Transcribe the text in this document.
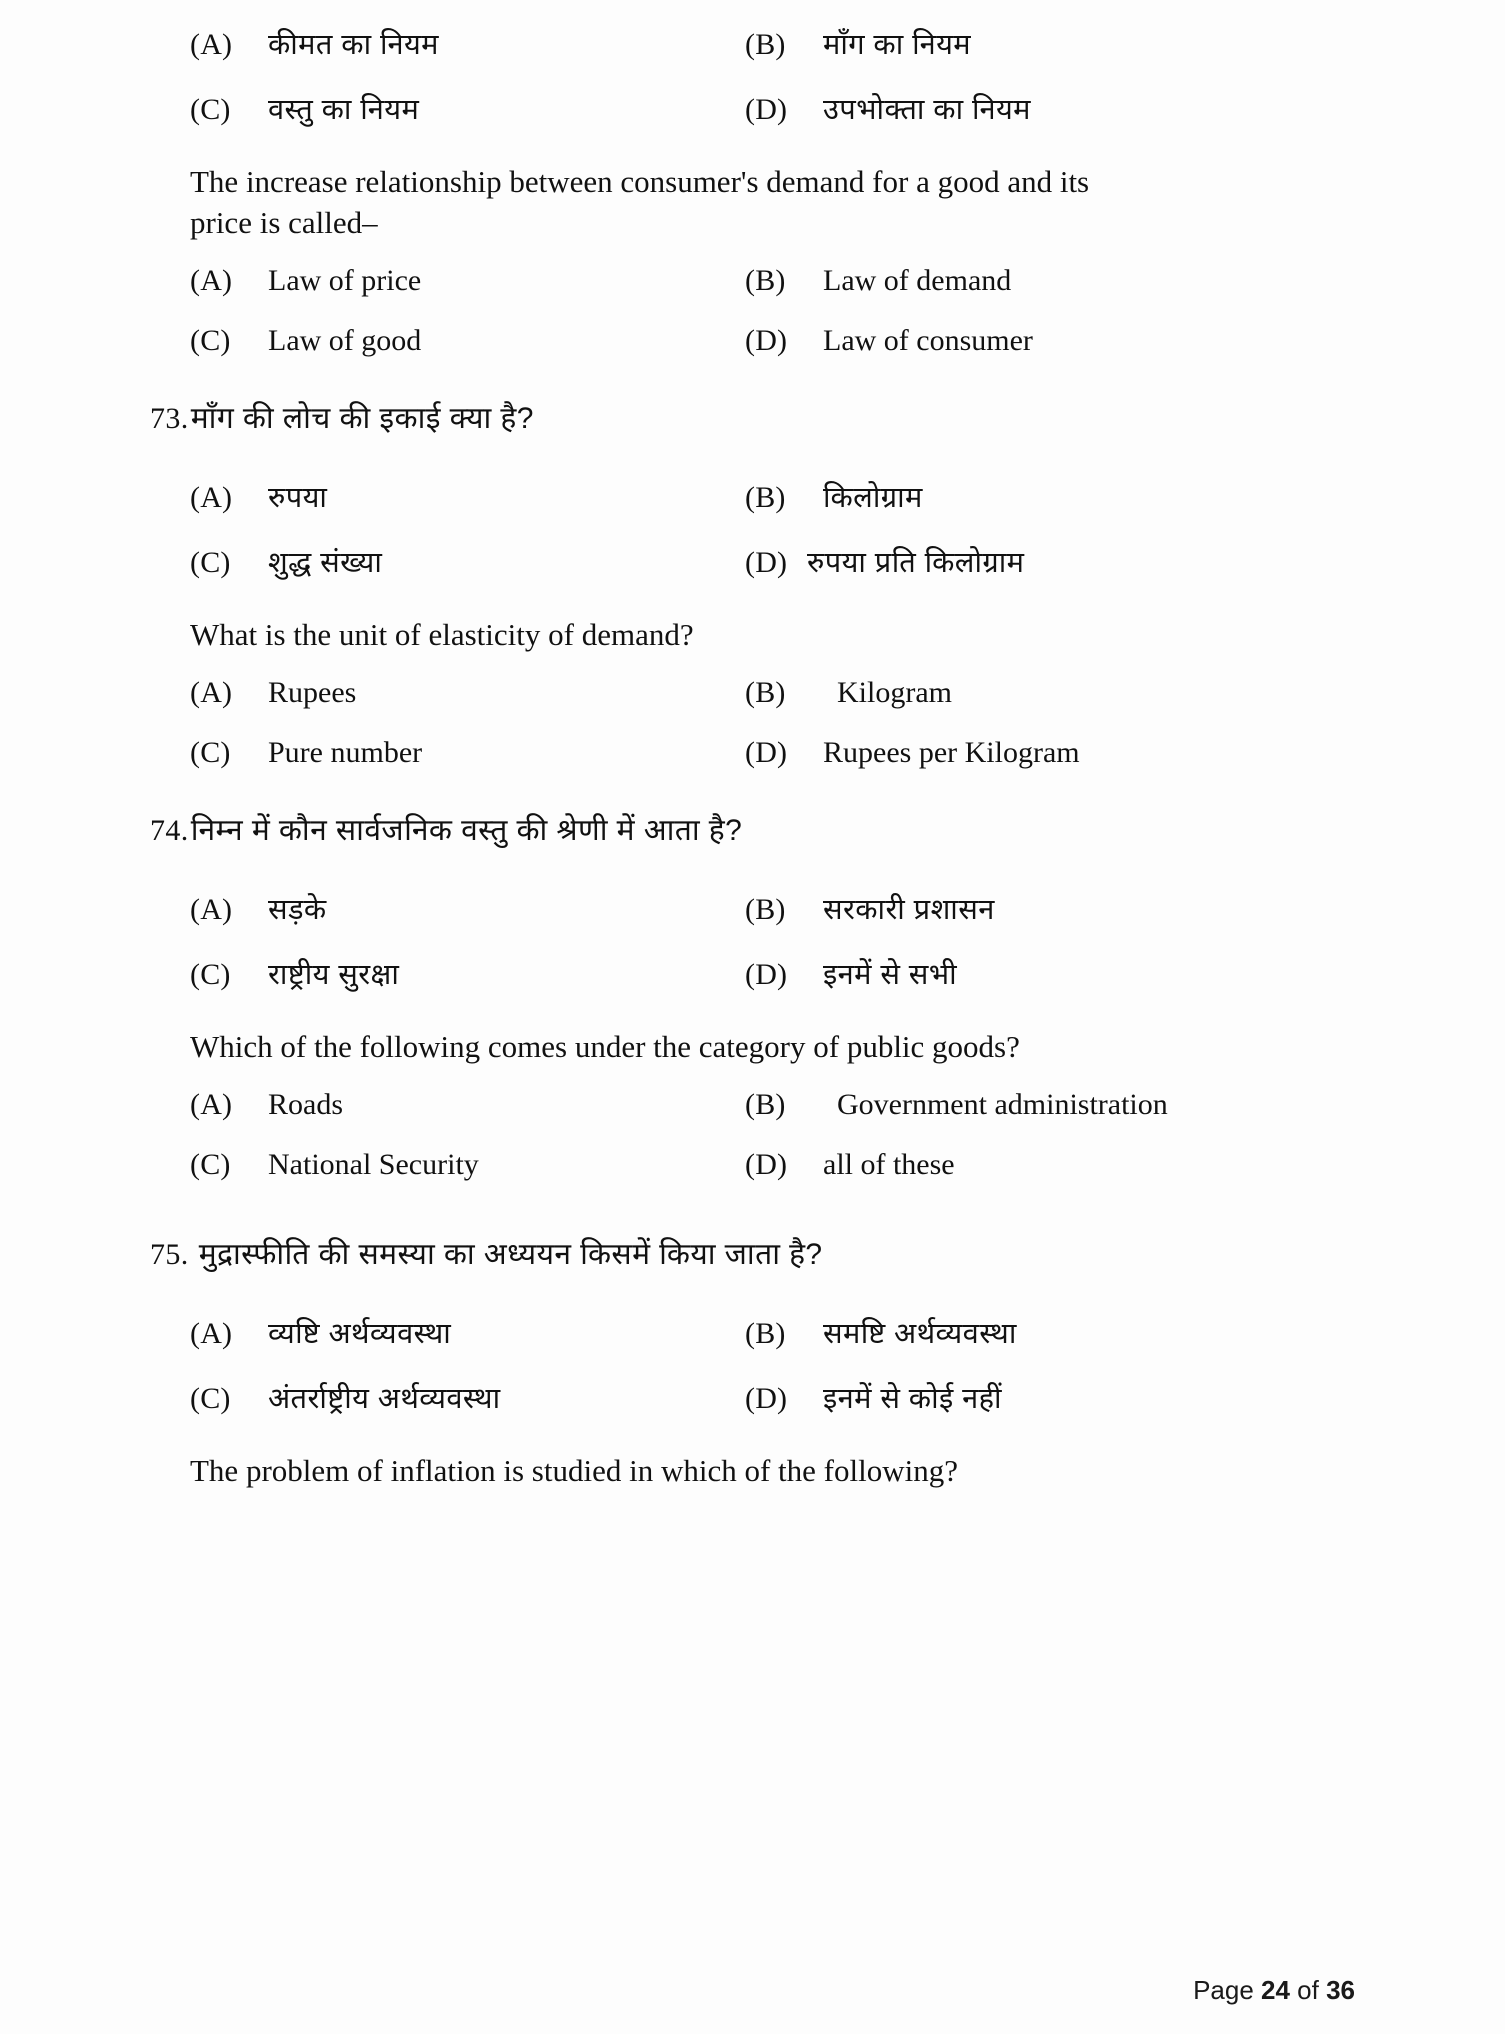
(A)	कीमत का नियम	(B)	माँग का नियम
(C)	वस्तु का नियम	(D)	उपभोक्ता का नियम
The increase relationship between consumer's demand for a good and its
price is called–
(A)	Law of price	(B)	Law of demand
(C)	Law of good	(D)	Law of consumer
73. माँग की लोच की इकाई क्या है?
(A)	रुपया	(B)	किलोग्राम
(C)	शुद्ध संख्या	(D) रुपया प्रति किलोग्राम
What is the unit of elasticity of demand?
(A)	Rupees	(B)	Kilogram
(C)	Pure number	(D)	Rupees per Kilogram
74. निम्न में कौन सार्वजनिक वस्तु की श्रेणी में आता है?
(A)	सड़के	(B)	सरकारी प्रशासन
(C)	राष्ट्रीय सुरक्षा	(D)	इनमें से सभी
Which of the following comes under the category of public goods?
(A)	Roads	(B)	Government administration
(C)	National Security	(D)	all of these
75. मुद्रास्फीति की समस्या का अध्ययन किसमें किया जाता है?
(A)	व्यष्टि अर्थव्यवस्था	(B)	समष्टि अर्थव्यवस्था
(C)	अंतर्राष्ट्रीय अर्थव्यवस्था	(D)	इनमें से कोई नहीं
The problem of inflation is studied in which of the following?
Page 24 of 36
